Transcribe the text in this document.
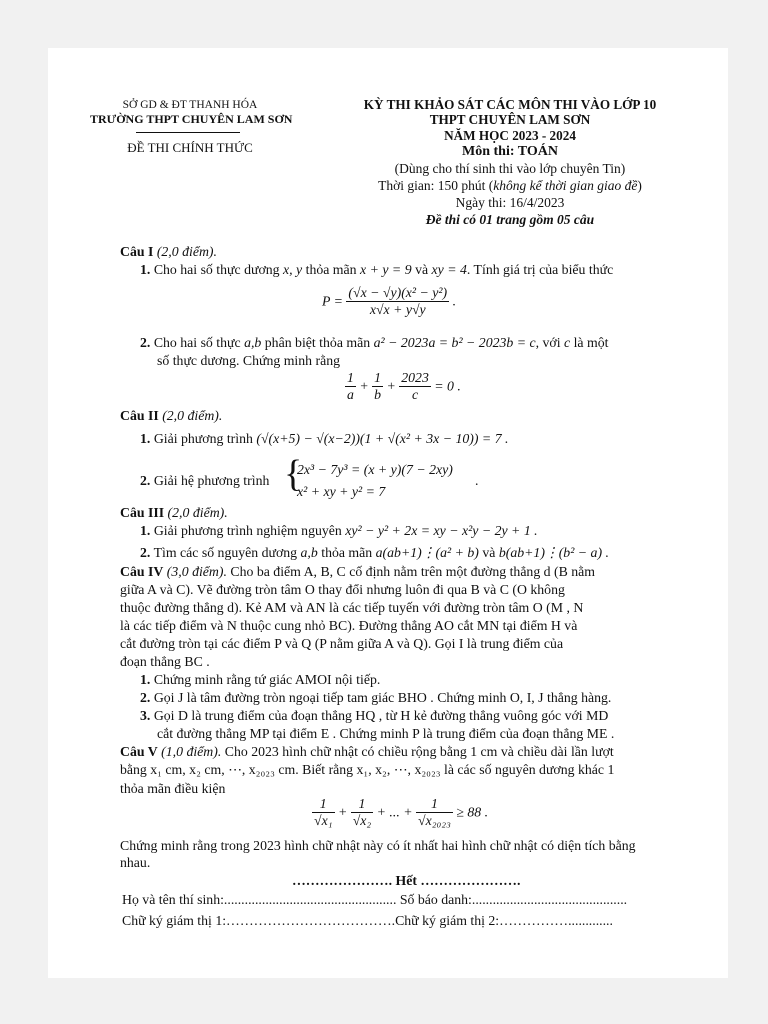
SỞ GD & ĐT THANH HÓA
TRƯỜNG THPT CHUYÊN LAM SƠN
ĐỀ THI CHÍNH THỨC
KỲ THI KHẢO SÁT CÁC MÔN THI VÀO LỚP 10
THPT CHUYÊN LAM SƠN
NĂM HỌC 2023 - 2024
Môn thi: TOÁN
(Dùng cho thí sinh thi vào lớp chuyên Tin)
Thời gian: 150 phút (không kể thời gian giao đề)
Ngày thi: 16/4/2023
Đề thi có 01 trang gồm 05 câu
Câu I (2,0 điểm).
1. Cho hai số thực dương x, y thỏa mãn x + y = 9 và xy = 4. Tính giá trị của biểu thức
$P = \frac{\text{(√x − √y)(x² − y²)}}{x√x + y√y}$ .
2. Cho hai số thực a,b phân biệt thỏa mãn a² − 2023a = b² − 2023b = c, với c là một
số thực dương. Chứng minh rằng
$\frac{1}{a} + \frac{1}{b} + \frac{2023}{c} = 0$ .
Câu II (2,0 điểm).
1. Giải phương trình (√(x+5) − √(x−2))(1 + √(x² + 3x − 10)) = 7 .
2. Giải hệ phương trình {
2x³ − 7y³ = (x + y)(7 − 2xy)
x² + xy + y² = 7
.
Câu III (2,0 điểm).
1. Giải phương trình nghiệm nguyên xy² − y² + 2x = xy − x²y − 2y + 1 .
2. Tìm các số nguyên dương a,b thỏa mãn a(ab+1)⋮(a² + b) và b(ab+1)⋮(b² − a) .
Câu IV (3,0 điểm). Cho ba điểm A, B, C cố định nằm trên một đường thẳng d (B nằm
giữa A và C). Vẽ đường tròn tâm O thay đổi nhưng luôn đi qua B và C (O không
thuộc đường thẳng d). Kẻ AM và AN là các tiếp tuyến với đường tròn tâm O (M , N
là các tiếp điểm và N thuộc cung nhỏ BC). Đường thẳng AO cắt MN tại điểm H và
cắt đường tròn tại các điểm P và Q (P nằm giữa A và Q). Gọi I là trung điểm của
đoạn thẳng BC .
1. Chứng minh rằng tứ giác AMOI nội tiếp.
2. Gọi J là tâm đường tròn ngoại tiếp tam giác BHO . Chứng minh O, I, J thẳng hàng.
3. Gọi D là trung điểm của đoạn thẳng HQ , từ H kẻ đường thẳng vuông góc với MD
cắt đường thẳng MP tại điểm E . Chứng minh P là trung điểm của đoạn thẳng ME .
Câu V (1,0 điểm). Cho 2023 hình chữ nhật có chiều rộng bằng 1 cm và chiều dài lần lượt
bằng x₁ cm, x₂ cm, ⋯, x₂₀₂₃ cm. Biết rằng x₁, x₂, ⋯, x₂₀₂₃ là các số nguyên dương khác 1
thỏa mãn điều kiện
$\frac{1}{\text{√x₁}} + \frac{1}{\text{√x₂}}$ + ... + $\frac{1}{\text{√x₂₀₂₃}} \ge 88$ .
Chứng minh rằng trong 2023 hình chữ nhật này có ít nhất hai hình chữ nhật có diện tích bằng
nhau.
…………………. Hết ………………….
Họ và tên thí sinh:.................................................. Số báo danh:.............................................
Chữ ký giám thị 1:……………………………….Chữ ký giám thị 2:…………….............
